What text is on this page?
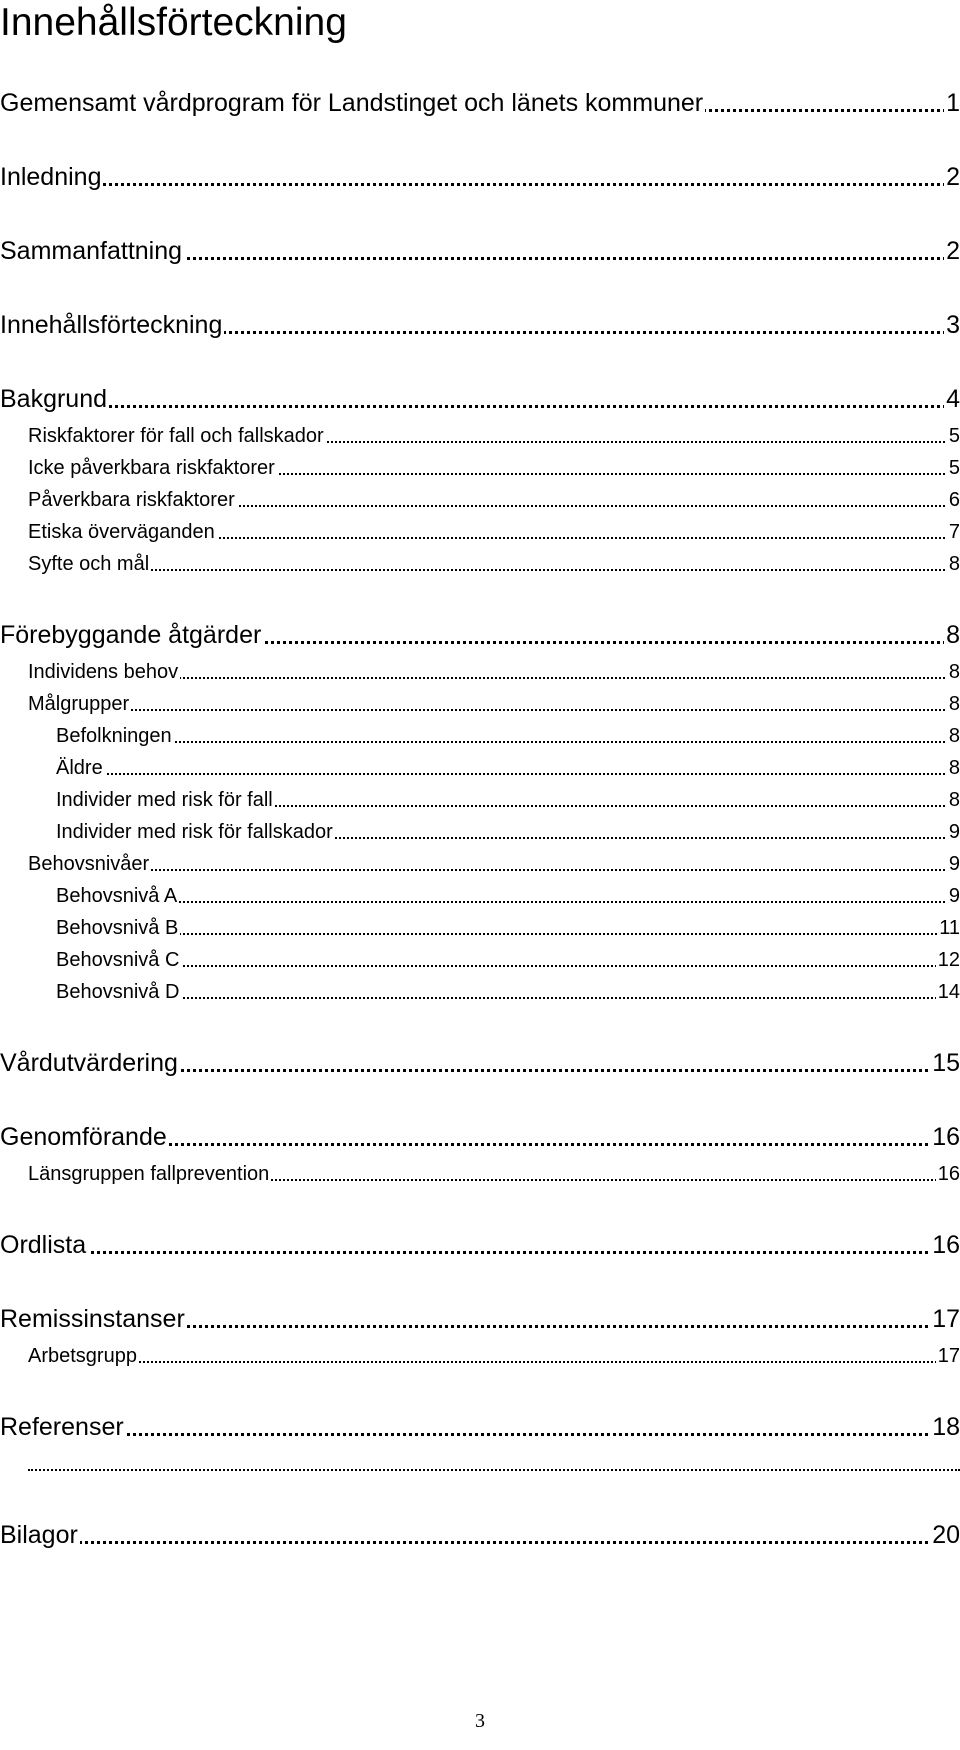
Innehållsförteckning
Gemensamt vårdprogram för Landstinget och länets kommuner	1
Inledning	2
Sammanfattning	2
Innehållsförteckning	3
Bakgrund	4
Riskfaktorer för fall och fallskador	5
Icke påverkbara riskfaktorer	5
Påverkbara riskfaktorer	6
Etiska överväganden	7
Syfte och mål	8
Förebyggande åtgärder	8
Individens behov	8
Målgrupper	8
Befolkningen	8
Äldre	8
Individer med risk för fall	8
Individer med risk för fallskador	9
Behovsnivåer	9
Behovsnivå A	9
Behovsnivå B	11
Behovsnivå C	12
Behovsnivå D	14
Vårdutvärdering	15
Genomförande	16
Länsgruppen fallprevention	16
Ordlista	16
Remissinstanser	17
Arbetsgrupp	17
Referenser	18
Bilagor	20
3
